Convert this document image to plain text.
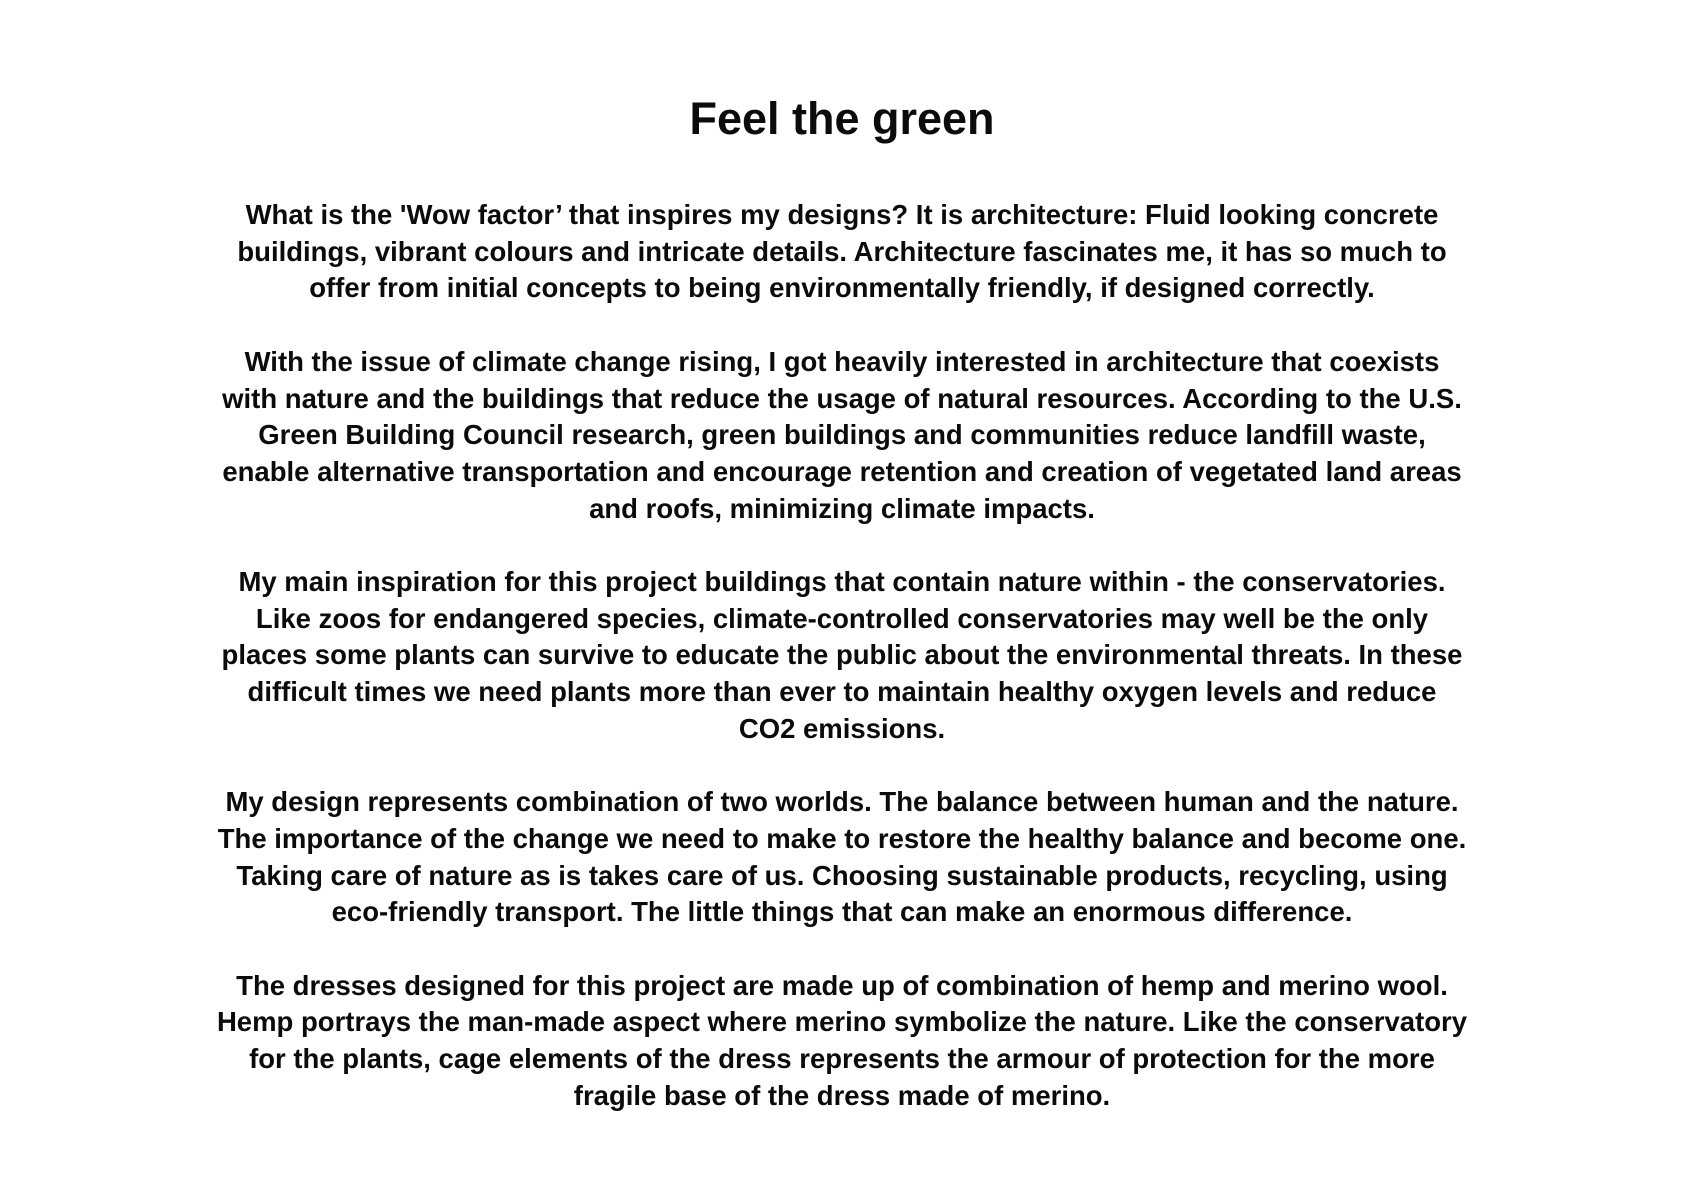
Feel the green

What is the 'Wow factor’ that inspires my designs? It is architecture: Fluid looking concrete
buildings, vibrant colours and intricate details. Architecture fascinates me, it has so much to
offer from initial concepts to being environmentally friendly, if designed correctly.

With the issue of climate change rising, I got heavily interested in architecture that coexists
with nature and the buildings that reduce the usage of natural resources. According to the U.S.
Green Building Council research, green buildings and communities reduce landfill waste,
enable alternative transportation and encourage retention and creation of vegetated land areas
and roofs, minimizing climate impacts.

My main inspiration for this project buildings that contain nature within - the conservatories.
Like zoos for endangered species, climate-controlled conservatories may well be the only
places some plants can survive to educate the public about the environmental threats. In these
difficult times we need plants more than ever to maintain healthy oxygen levels and reduce
CO2 emissions.

My design represents combination of two worlds. The balance between human and the nature.
The importance of the change we need to make to restore the healthy balance and become one.
Taking care of nature as is takes care of us. Choosing sustainable products, recycling, using
eco-friendly transport. The little things that can make an enormous difference.

The dresses designed for this project are made up of combination of hemp and merino wool.
Hemp portrays the man-made aspect where merino symbolize the nature. Like the conservatory
for the plants, cage elements of the dress represents the armour of protection for the more
fragile base of the dress made of merino.
